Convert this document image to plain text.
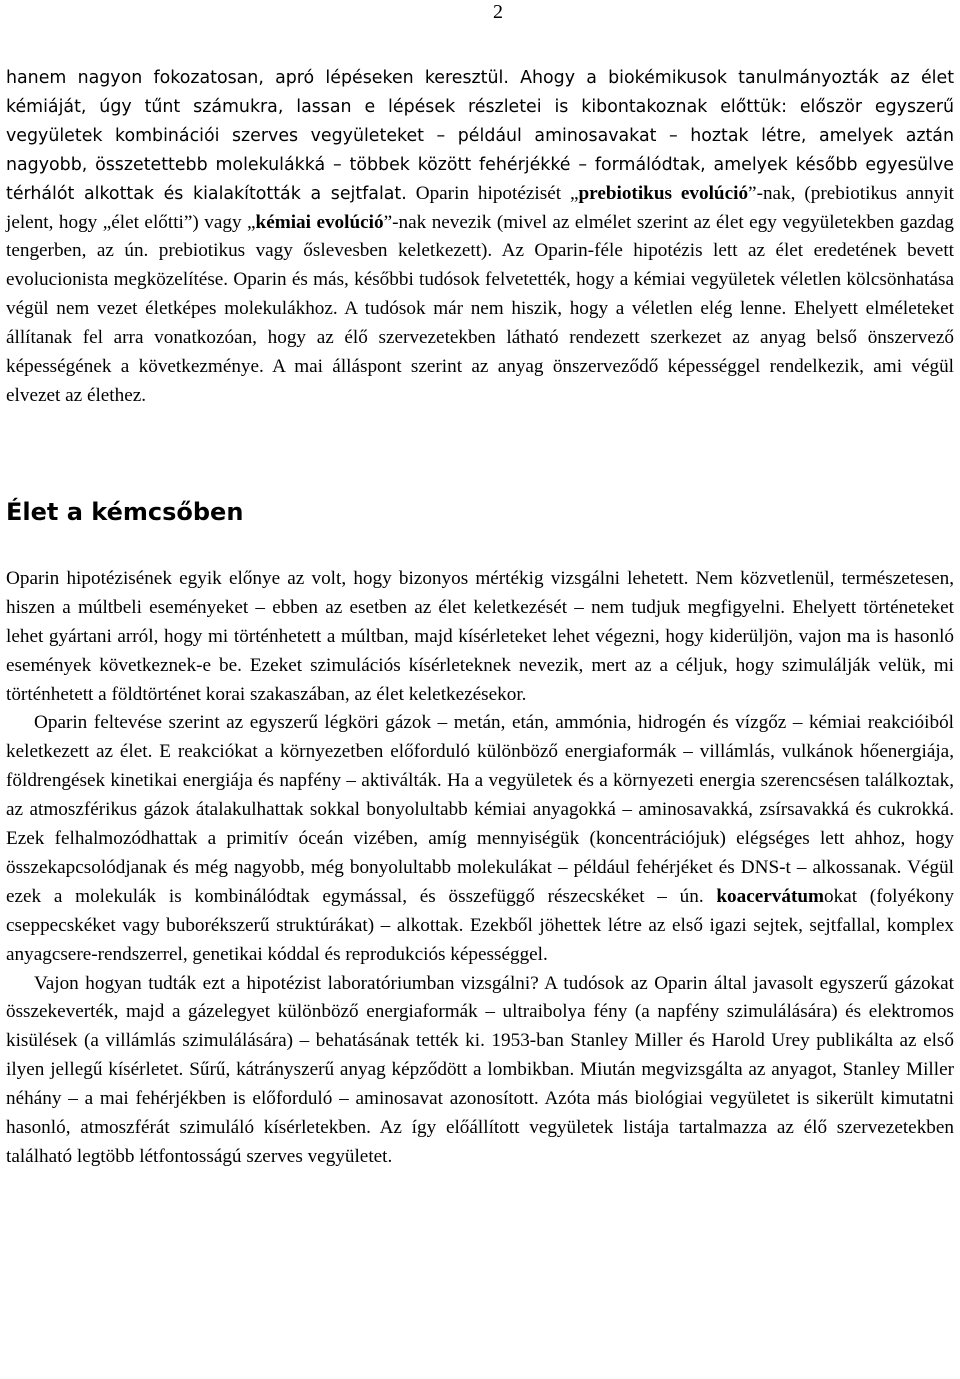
2

hanem nagyon fokozatosan, apró lépéseken keresztül. Ahogy a biokémikusok tanulmányozták az élet kémiáját, úgy tűnt számukra, lassan e lépések részletei is kibontakoznak előttük: először egyszerű vegyületek kombinációi szerves vegyületeket – például aminosavakat – hoztak létre, amelyek aztán nagyobb, összetettebb molekulákká – többek között fehérjékké – formálódtak, amelyek később egyesülve térhálót alkottak és kialakították a sejtfalat. Oparin hipotézisét „prebiotikus evolúció”-nak, (prebiotikus annyit jelent, hogy „élet előtti”) vagy „kémiai evolúció”-nak nevezik (mivel az elmélet szerint az élet egy vegyületekben gazdag tengerben, az ún. prebiotikus vagy őslevesben keletkezett). Az Oparin-féle hipotézis lett az élet eredetének bevett evolucionista megközelítése. Oparin és más, későbbi tudósok felvetették, hogy a kémiai vegyületek véletlen kölcsönhatása végül nem vezet életképes molekulákhoz. A tudósok már nem hiszik, hogy a véletlen elég lenne. Ehelyett elméleteket állítanak fel arra vonatkozóan, hogy az élő szervezetekben látható rendezett szerkezet az anyag belső önszervező képességének a következménye. A mai álláspont szerint az anyag önszerveződő képességgel rendelkezik, ami végül elvezet az élethez.

Élet a kémcsőben

Oparin hipotézisének egyik előnye az volt, hogy bizonyos mértékig vizsgálni lehetett. Nem közvetlenül, természetesen, hiszen a múltbeli eseményeket – ebben az esetben az élet keletkezését – nem tudjuk megfigyelni. Ehelyett történeteket lehet gyártani arról, hogy mi történhetett a múltban, majd kísérleteket lehet végezni, hogy kiderüljön, vajon ma is hasonló események következnek-e be. Ezeket szimulációs kísérleteknek nevezik, mert az a céljuk, hogy szimulálják velük, mi történhetett a földtörténet korai szakaszában, az élet keletkezésekor.

Oparin feltevése szerint az egyszerű légköri gázok – metán, etán, ammónia, hidrogén és vízgőz – kémiai reakcióiból keletkezett az élet. E reakciókat a környezetben előforduló különböző energiaformák – villámlás, vulkánok hőenergiája, földrengések kinetikai energiája és napfény – aktiválták. Ha a vegyületek és a környezeti energia szerencsésen találkoztak, az atmoszférikus gázok átalakulhattak sokkal bonyolultabb kémiai anyagokká – aminosavakká, zsírsavakká és cukrokká. Ezek felhalmozódhattak a primitív óceán vizében, amíg mennyiségük (koncentrációjuk) elégséges lett ahhoz, hogy összekapcsolódjanak és még nagyobb, még bonyolultabb molekulákat – például fehérjéket és DNS-t – alkossanak. Végül ezek a molekulák is kombinálódtak egymással, és összefüggő részecskéket – ún. koacervátumokat (folyékony cseppecskéket vagy buborékszerű struktúrákat) – alkottak. Ezekből jöhettek létre az első igazi sejtek, sejtfallal, komplex anyagcsere-rendszerrel, genetikai kóddal és reprodukciós képességgel.

Vajon hogyan tudták ezt a hipotézist laboratóriumban vizsgálni? A tudósok az Oparin által javasolt egyszerű gázokat összekeverték, majd a gázelegyet különböző energiaformák – ultraibolya fény (a napfény szimulálására) és elektromos kisülések (a villámlás szimulálására) – behatásának tették ki. 1953-ban Stanley Miller és Harold Urey publikálta az első ilyen jellegű kísérletet. Sűrű, kátrányszerű anyag képződött a lombikban. Miután megvizsgálta az anyagot, Stanley Miller néhány – a mai fehérjékben is előforduló – aminosavat azonosított. Azóta más biológiai vegyületet is sikerült kimutatni hasonló, atmoszférát szimuláló kísérletekben. Az így előállított vegyületek listája tartalmazza az élő szervezetekben található legtöbb létfontosságú szerves vegyületet.
